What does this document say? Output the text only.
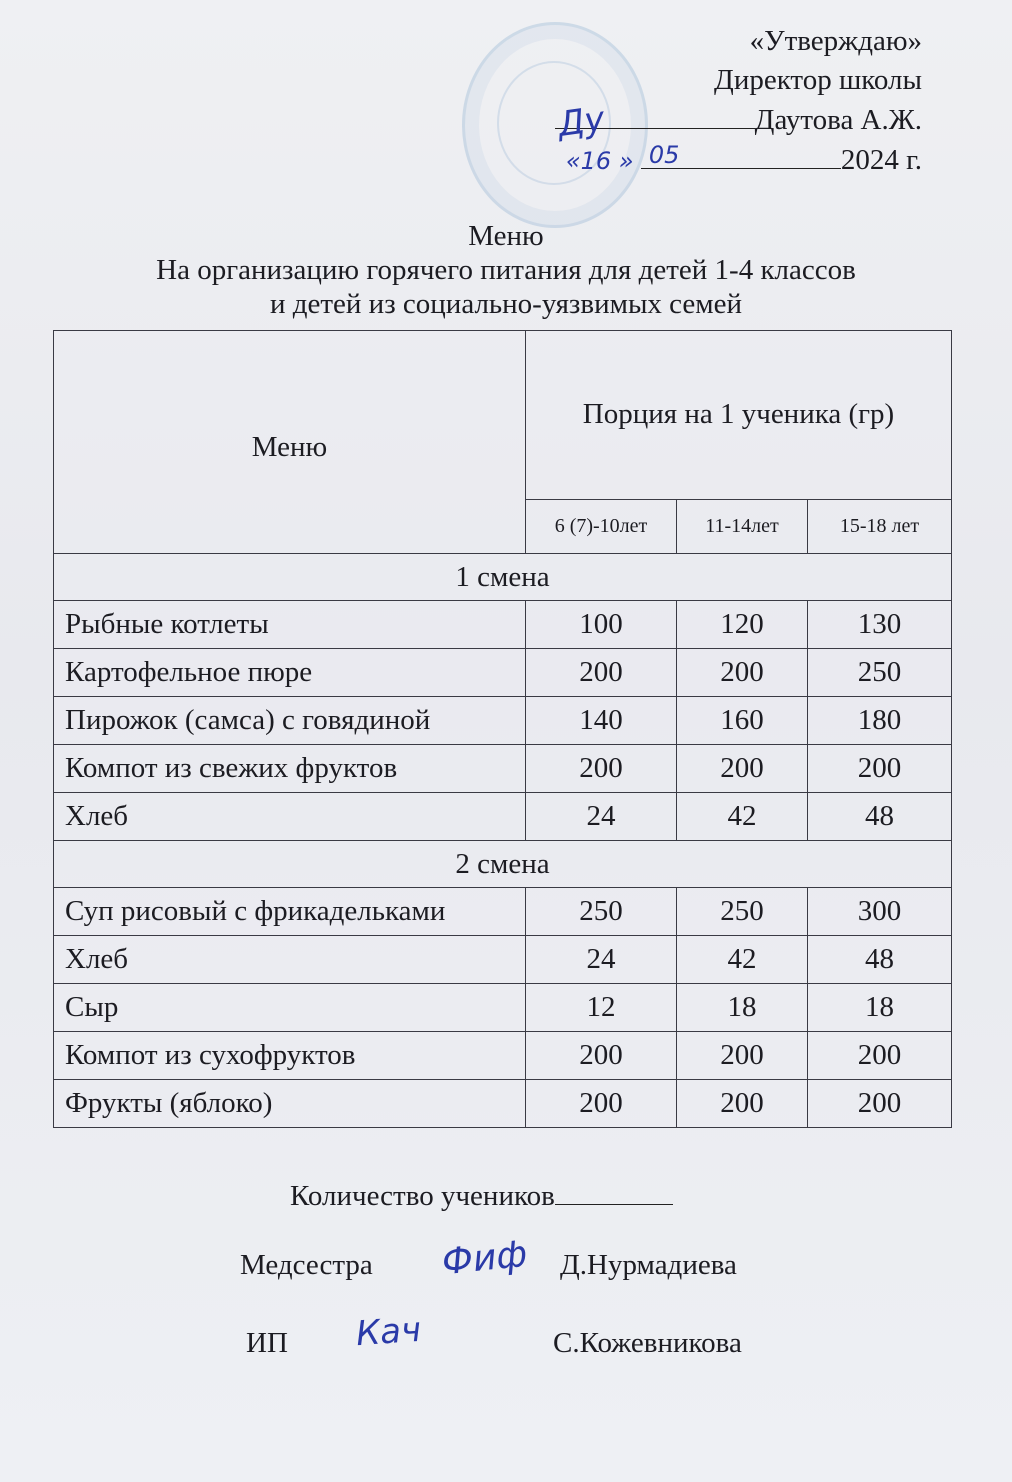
«Утверждаю»
Директор школы
Даутова А.Ж.
«16 » 05	2024 г.
Ду
Меню
На организацию горячего питания для детей 1-4 классов
и детей из социально-уязвимых семей
Меню	Порция на 1 ученика (гр)		
	6 (7)-10лет	11-14лет	15-18 лет
1 смена			
Рыбные котлеты	100	120	130
Картофельное пюре	200	200	250
Пирожок (самса) с говядиной	140	160	180
Компот из свежих фруктов	200	200	200
Хлеб	24	42	48
2 смена			
Суп рисовый с фрикадельками	250	250	300
Хлеб	24	42	48
Сыр	12	18	18
Компот из сухофруктов	200	200	200
Фрукты (яблоко)	200	200	200
Количество учеников
Медсестра Фиф Д.Нурмадиева
ИП Кач	С.Кожевникова
